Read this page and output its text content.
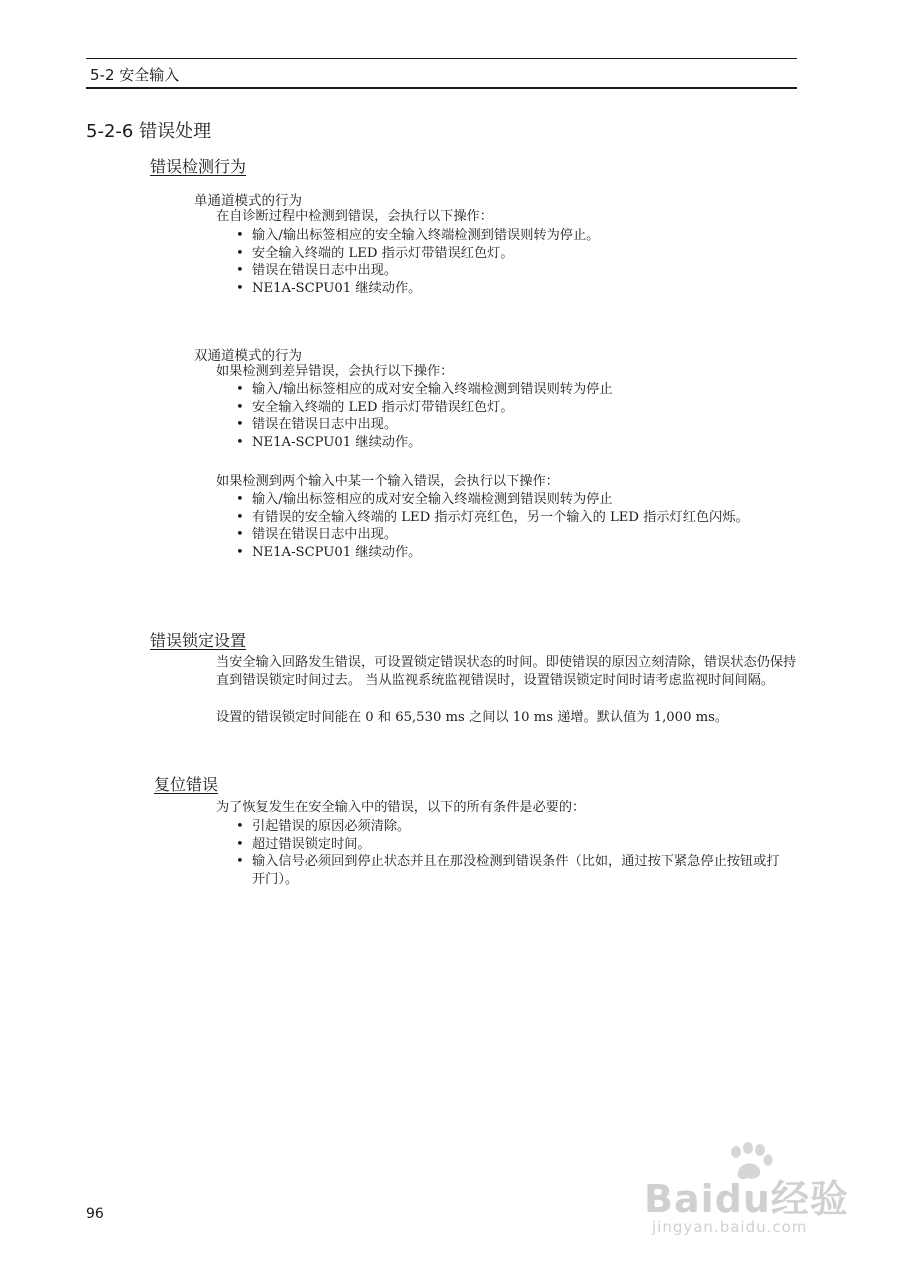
5-2 安全输入
5-2-6 错误处理
错误检测行为
单通道模式的行为

在自诊断过程中检测到错误，会执行以下操作：

• 输入/输出标签相应的安全输入终端检测到错误则转为停止。
• 安全输入终端的 LED 指示灯带错误红色灯。
• 错误在错误日志中出现。
• NE1A-SCPU01 继续动作。
双通道模式的行为

如果检测到差异错误，会执行以下操作：

• 输入/输出标签相应的成对安全输入终端检测到错误则转为停止
• 安全输入终端的 LED 指示灯带错误红色灯。
• 错误在错误日志中出现。
• NE1A-SCPU01 继续动作。

如果检测到两个输入中某一个输入错误，会执行以下操作：

• 输入/输出标签相应的成对安全输入终端检测到错误则转为停止
• 有错误的安全输入终端的 LED 指示灯亮红色，另一个输入的 LED 指示灯红色闪烁。
• 错误在错误日志中出现。
• NE1A-SCPU01 继续动作。
错误锁定设置

当安全输入回路发生错误，可设置锁定错误状态的时间。即使错误的原因立刻清除，错误状态仍保持直到错误锁定时间过去。 当从监视系统监视错误时，设置错误锁定时间时请考虑监视时间间隔。

设置的错误锁定时间能在 0 和 65,530 ms 之间以 10 ms 递增。默认值为 1,000 ms。

复位错误

为了恢复发生在安全输入中的错误，以下的所有条件是必要的：

• 引起错误的原因必须清除。
• 超过错误锁定时间。
• 输入信号必须回到停止状态并且在那没检测到错误条件（比如，通过按下紧急停止按钮或打开门）。
96	Baidu经验
jingyan.baidu.com
